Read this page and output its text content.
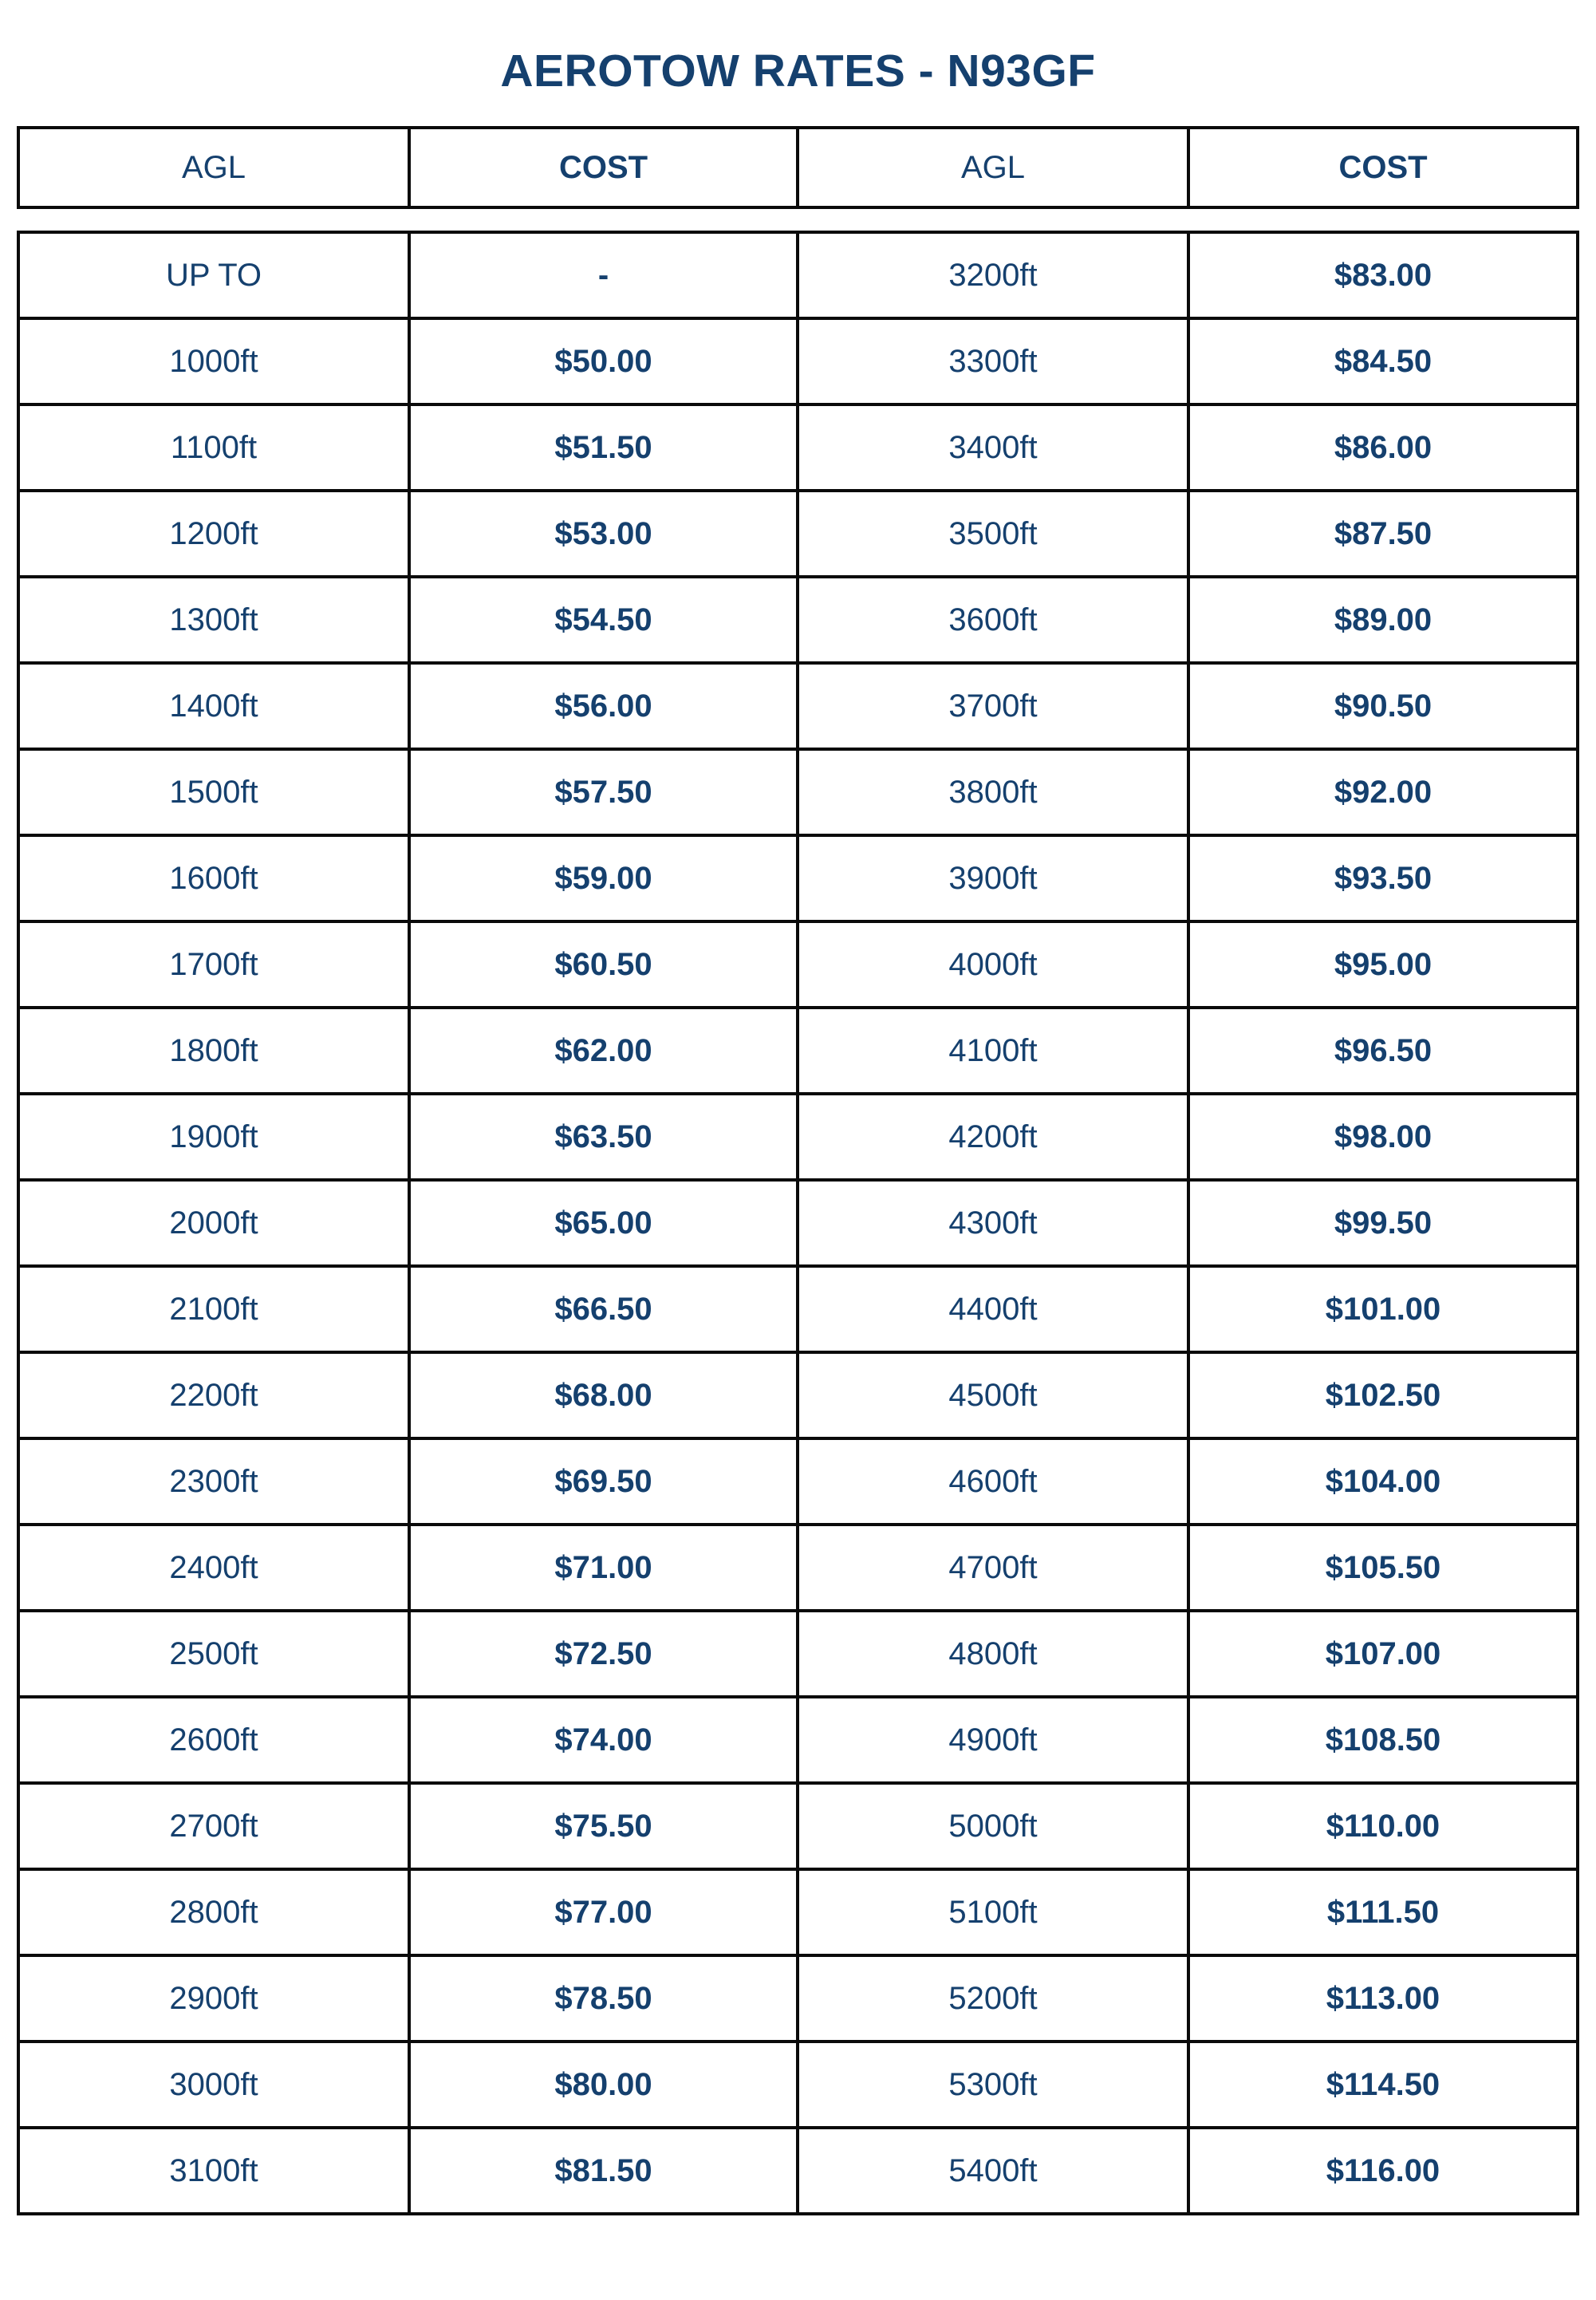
AEROTOW RATES - N93GF
AGL	COST	AGL	COST
UP TO	-	3200ft	$83.00
1000ft	$50.00	3300ft	$84.50
1100ft	$51.50	3400ft	$86.00
1200ft	$53.00	3500ft	$87.50
1300ft	$54.50	3600ft	$89.00
1400ft	$56.00	3700ft	$90.50
1500ft	$57.50	3800ft	$92.00
1600ft	$59.00	3900ft	$93.50
1700ft	$60.50	4000ft	$95.00
1800ft	$62.00	4100ft	$96.50
1900ft	$63.50	4200ft	$98.00
2000ft	$65.00	4300ft	$99.50
2100ft	$66.50	4400ft	$101.00
2200ft	$68.00	4500ft	$102.50
2300ft	$69.50	4600ft	$104.00
2400ft	$71.00	4700ft	$105.50
2500ft	$72.50	4800ft	$107.00
2600ft	$74.00	4900ft	$108.50
2700ft	$75.50	5000ft	$110.00
2800ft	$77.00	5100ft	$111.50
2900ft	$78.50	5200ft	$113.00
3000ft	$80.00	5300ft	$114.50
3100ft	$81.50	5400ft	$116.00
